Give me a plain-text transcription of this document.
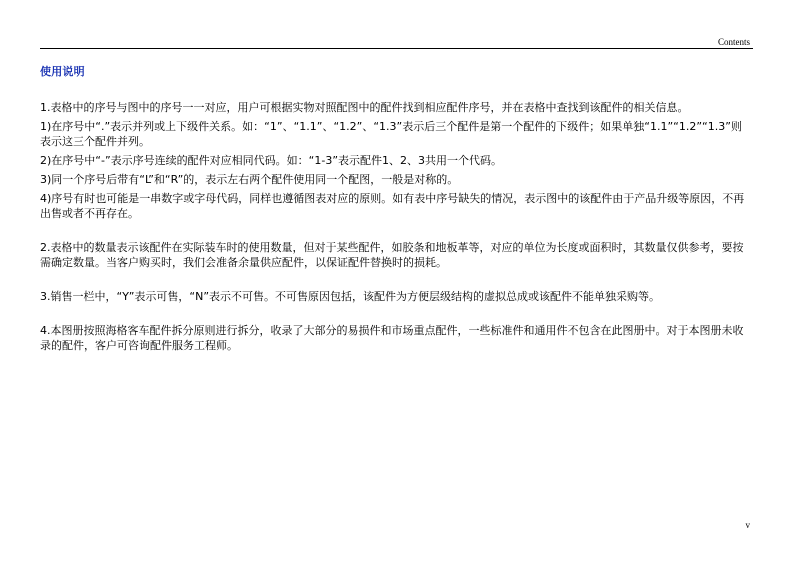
Contents
使用说明

1.表格中的序号与图中的序号一一对应，用户可根据实物对照配图中的配件找到相应配件序号，并在表格中查找到该配件的相关信息。

1)在序号中“.”表示并列或上下级件关系。如：“1”、“1.1”、“1.2”、“1.3”表示后三个配件是第一个配件的下级件；如果单独“1.1”“1.2”“1.3”则表示这三个配件并列。

2)在序号中“-”表示序号连续的配件对应相同代码。如：“1-3”表示配件1、2、3共用一个代码。

3)同一个序号后带有“L”和“R”的，表示左右两个配件使用同一个配图，一般是对称的。

4)序号有时也可能是一串数字或字母代码，同样也遵循图表对应的原则。如有表中序号缺失的情况，表示图中的该配件由于产品升级等原因，不再出售或者不再存在。

2.表格中的数量表示该配件在实际装车时的使用数量，但对于某些配件，如胶条和地板革等，对应的单位为长度或面积时，其数量仅供参考，要按需确定数量。当客户购买时，我们会准备余量供应配件，以保证配件替换时的损耗。

3.销售一栏中，“Y”表示可售，“N”表示不可售。不可售原因包括，该配件为方便层级结构的虚拟总成或该配件不能单独采购等。

4.本图册按照海格客车配件拆分原则进行拆分，收录了大部分的易损件和市场重点配件，一些标准件和通用件不包含在此图册中。对于本图册未收录的配件，客户可咨询配件服务工程师。

v
